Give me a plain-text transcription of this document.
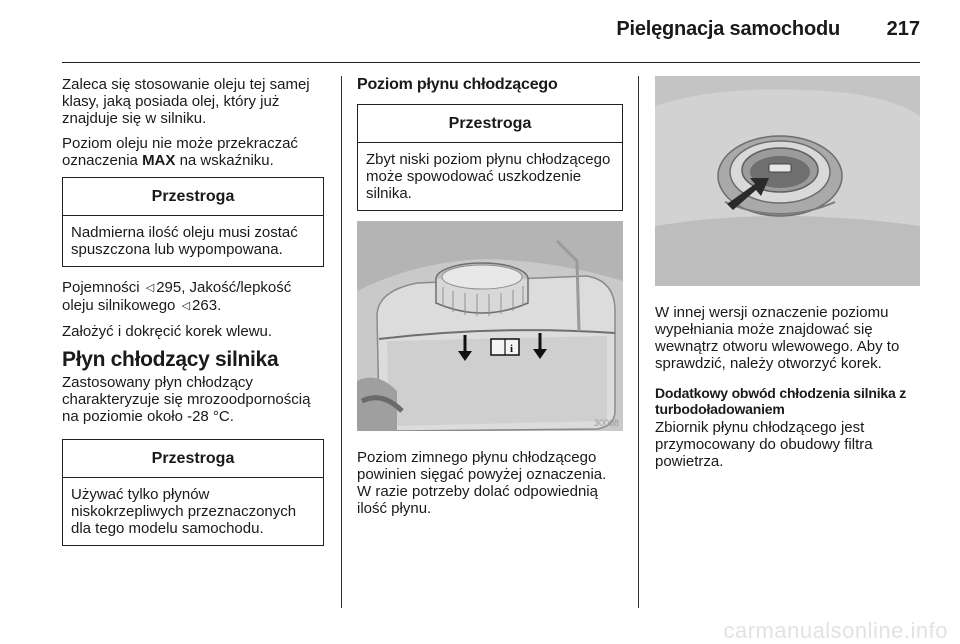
Pielęgnacja samochodu 217

Zaleca się stosowanie oleju tej samej klasy, jaką posiada olej, który już znajduje się w silniku.

Poziom oleju nie może przekraczać oznaczenia MAX na wskaźniku.

Przestroga
Nadmierna ilość oleju musi zostać spuszczona lub wypompowana.

Pojemności ◁ 295, Jakość/lepkość oleju silnikowego ◁ 263.

Założyć i dokręcić korek wlewu.

Płyn chłodzący silnika

Zastosowany płyn chłodzący charakteryzuje się mrozoodpornością na poziomie około -28 °C.

Przestroga
Używać tylko płynów niskokrzepliwych przeznaczonych dla tego modelu samochodu.
Poziom płynu chłodzącego
Przestroga
Zbyt niski poziom płynu chłodzącego może spowodować uszkodzenie silnika.
i
30008

Poziom zimnego płynu chłodzącego powinien sięgać powyżej oznaczenia. W razie potrzeby dolać odpowiednią ilość płynu.

W innej wersji oznaczenie poziomu wypełniania może znajdować się wewnątrz otworu wlewowego. Aby to sprawdzić, należy otworzyć korek.

Dodatkowy obwód chłodzenia silnika z turbodoładowaniem

Zbiornik płynu chłodzącego jest przymocowany do obudowy filtra powietrza.

carmanualsonline.info
